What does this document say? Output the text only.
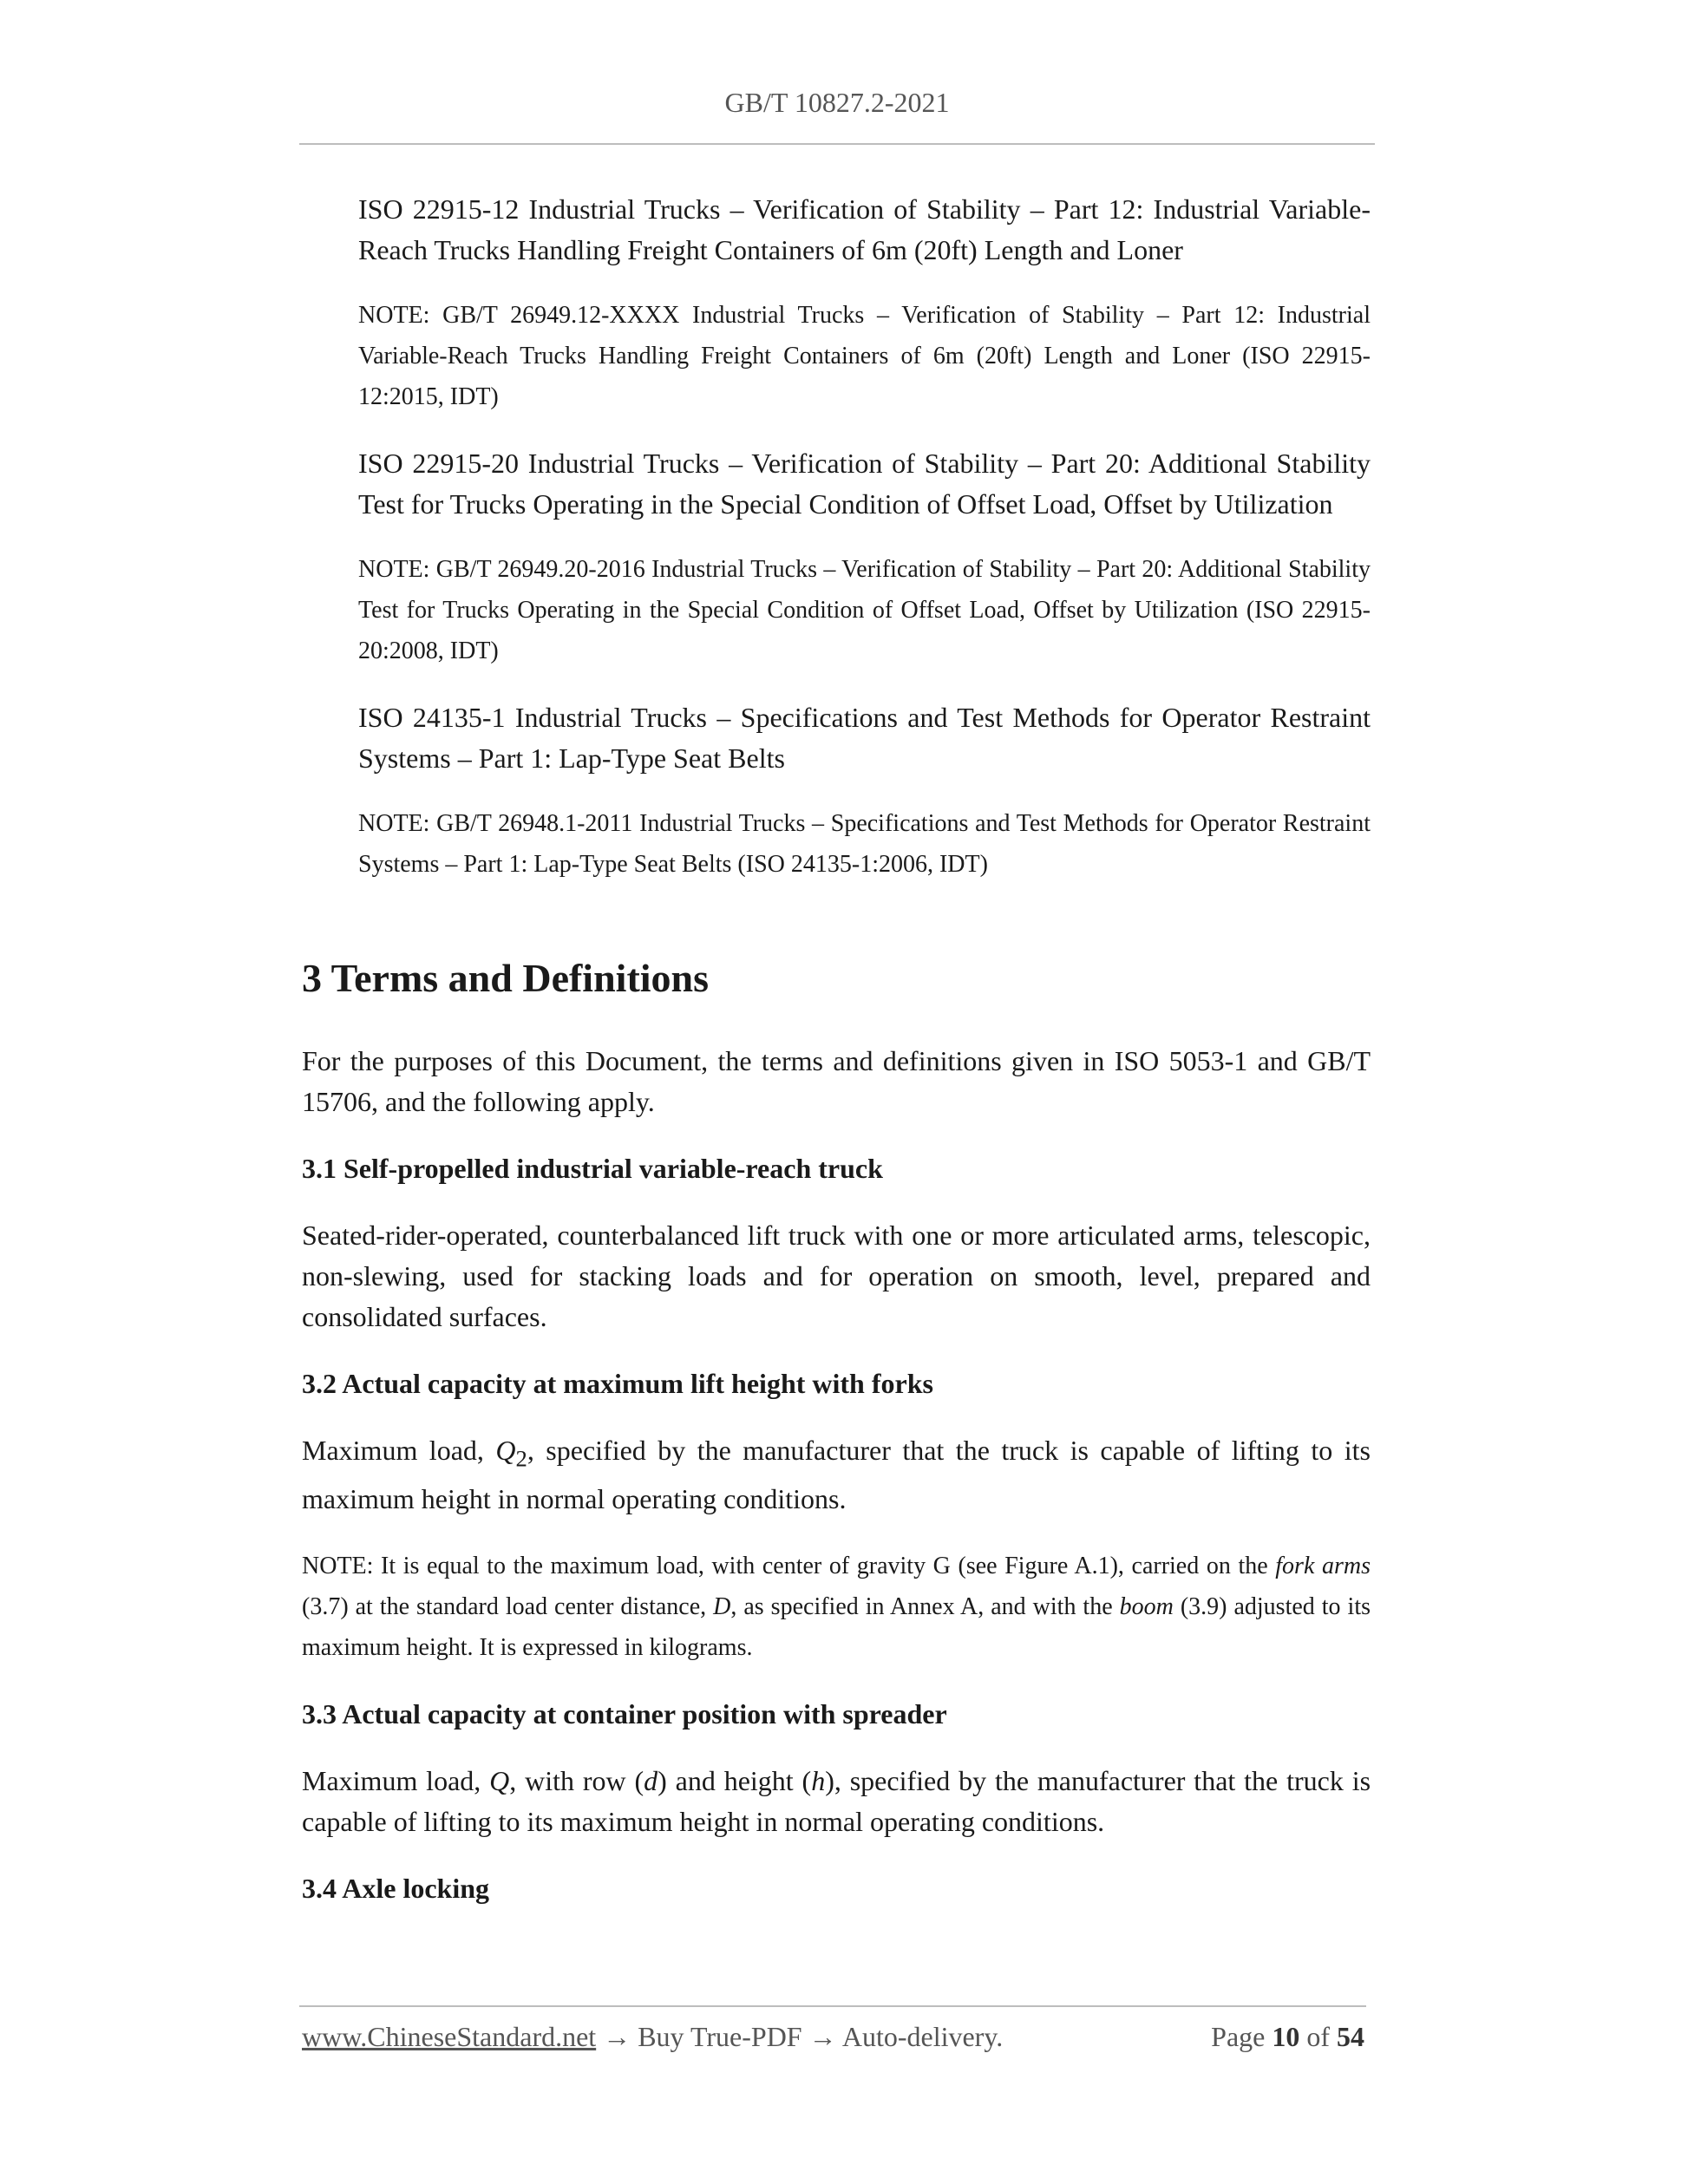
GB/T 10827.2-2021

ISO 22915-12 Industrial Trucks – Verification of Stability – Part 12: Industrial Variable-Reach Trucks Handling Freight Containers of 6m (20ft) Length and Loner

NOTE: GB/T 26949.12-XXXX Industrial Trucks – Verification of Stability – Part 12: Industrial Variable-Reach Trucks Handling Freight Containers of 6m (20ft) Length and Loner (ISO 22915-12:2015, IDT)

ISO 22915-20 Industrial Trucks – Verification of Stability – Part 20: Additional Stability Test for Trucks Operating in the Special Condition of Offset Load, Offset by Utilization

NOTE: GB/T 26949.20-2016 Industrial Trucks – Verification of Stability – Part 20: Additional Stability Test for Trucks Operating in the Special Condition of Offset Load, Offset by Utilization (ISO 22915-20:2008, IDT)

ISO 24135-1 Industrial Trucks – Specifications and Test Methods for Operator Restraint Systems – Part 1: Lap-Type Seat Belts

NOTE: GB/T 26948.1-2011 Industrial Trucks – Specifications and Test Methods for Operator Restraint Systems – Part 1: Lap-Type Seat Belts (ISO 24135-1:2006, IDT)

3 Terms and Definitions

For the purposes of this Document, the terms and definitions given in ISO 5053-1 and GB/T 15706, and the following apply.

3.1 Self-propelled industrial variable-reach truck

Seated-rider-operated, counterbalanced lift truck with one or more articulated arms, telescopic, non-slewing, used for stacking loads and for operation on smooth, level, prepared and consolidated surfaces.

3.2 Actual capacity at maximum lift height with forks

Maximum load, $Q_2$, specified by the manufacturer that the truck is capable of lifting to its maximum height in normal operating conditions.

NOTE: It is equal to the maximum load, with center of gravity G (see Figure A.1), carried on the fork arms (3.7) at the standard load center distance, D, as specified in Annex A, and with the boom (3.9) adjusted to its maximum height. It is expressed in kilograms.

3.3 Actual capacity at container position with spreader

Maximum load, Q, with row (d) and height (h), specified by the manufacturer that the truck is capable of lifting to its maximum height in normal operating conditions.

3.4 Axle locking
www.ChineseStandard.net → Buy True-PDF → Auto-delivery.	Page 10 of 54
